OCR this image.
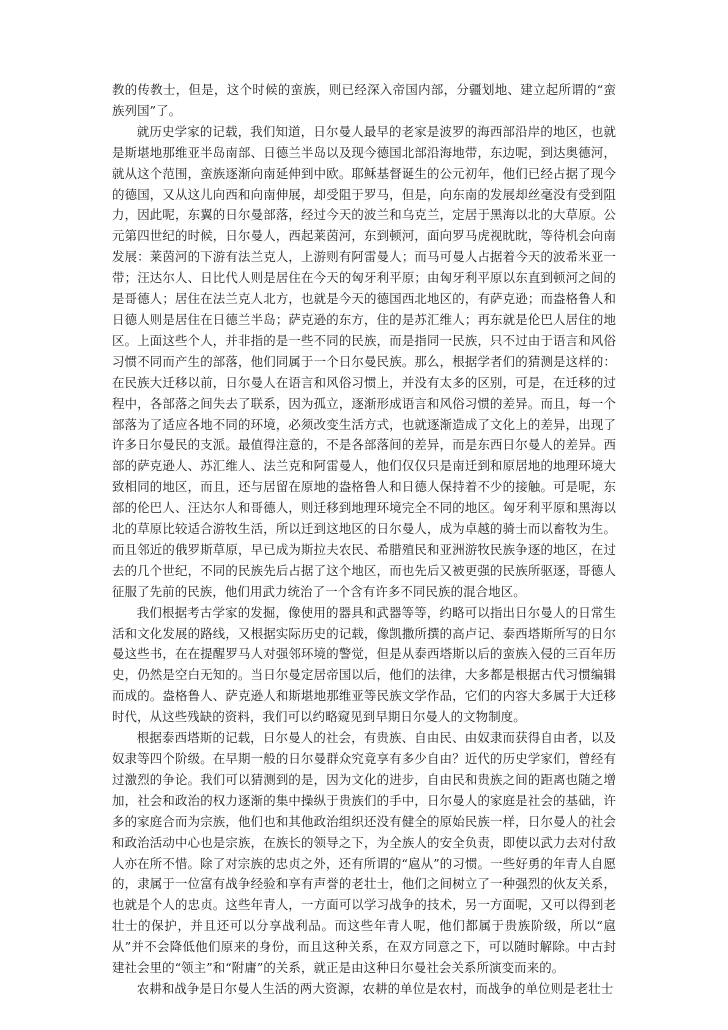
教的传教士，但是，这个时候的蛮族，则已经深入帝国内部，分疆划地、建立起所谓的“蛮族列国”了。

就历史学家的记载，我们知道，日尔曼人最早的老家是波罗的海西部沿岸的地区，也就是斯堪地那维亚半岛南部、日德兰半岛以及现今德国北部沿海地带，东边呢，到达奥德河，就从这个范围，蛮族逐渐向南延伸到中欧。耶稣基督诞生的公元初年，他们已经占据了现今的德国，又从这儿向西和向南伸展，却受阻于罗马，但是，向东南的发展却丝毫没有受到阻力，因此呢，东翼的日尔曼部落，经过今天的波兰和乌克兰，定居于黑海以北的大草原。公元第四世纪的时候，日尔曼人，西起莱茵河，东到顿河，面向罗马虎视眈眈，等待机会向南发展：莱茵河的下游有法兰克人，上游则有阿雷曼人；而马可曼人占据着今天的波希米亚一带；汪达尔人、日比代人则是居住在今天的匈牙利平原；由匈牙利平原以东直到顿河之间的是哥德人；居住在法兰克人北方，也就是今天的德国西北地区的，有萨克逊；而盎格鲁人和日德人则是居住在日德兰半岛；萨克逊的东方，住的是苏汇维人；再东就是伦巴人居住的地区。上面这些个人，并非指的是一些不同的民族，而是指同一民族，只不过由于语言和风俗习惯不同而产生的部落，他们同属于一个日尔曼民族。那么，根据学者们的猜测是这样的：在民族大迁移以前，日尔曼人在语言和风俗习惯上，并没有太多的区别，可是，在迁移的过程中，各部落之间失去了联系，因为孤立，逐渐形成语言和风俗习惯的差异。而且，每一个部落为了适应各地不同的环境，必须改变生活方式，也就逐渐造成了文化上的差异，出现了许多日尔曼民的支派。最值得注意的，不是各部落间的差异，而是东西日尔曼人的差异。西部的萨克逊人、苏汇维人、法兰克和阿雷曼人，他们仅仅只是南迁到和原居地的地理环境大致相同的地区，而且，还与居留在原地的盎格鲁人和日德人保持着不少的接触。可是呢，东部的伦巴人、汪达尔人和哥德人，则迁移到地理环境完全不同的地区。匈牙利平原和黑海以北的草原比较适合游牧生活，所以迁到这地区的日尔曼人，成为卓越的骑士而以畜牧为生。而且邻近的俄罗斯草原，早已成为斯拉夫农民、希腊殖民和亚洲游牧民族争逐的地区，在过去的几个世纪，不同的民族先后占据了这个地区，而也先后又被更强的民族所驱逐，哥德人征服了先前的民族，他们用武力统治了一个含有许多不同民族的混合地区。

我们根据考古学家的发掘，像使用的器具和武器等等，约略可以指出日尔曼人的日常生活和文化发展的路线，又根据实际历史的记载，像凯撒所撰的高卢记、泰西塔斯所写的日尔曼这些书，在在提醒罗马人对强邻环境的警觉，但是从泰西塔斯以后的蛮族入侵的三百年历史，仍然是空白无知的。当日尔曼定居帝国以后，他们的法律，大多都是根据古代习惯编辑而成的。盎格鲁人、萨克逊人和斯堪地那维亚等民族文学作品，它们的内容大多属于大迁移时代，从这些残缺的资料，我们可以约略窥见到早期日尔曼人的文物制度。

根据泰西塔斯的记载，日尔曼人的社会，有贵族、自由民、由奴隶而获得自由者，以及奴隶等四个阶级。在早期一般的日尔曼群众究竟享有多少自由？近代的历史学家们，曾经有过激烈的争论。我们可以猜测到的是，因为文化的进步，自由民和贵族之间的距离也随之增加，社会和政治的权力逐渐的集中操纵于贵族们的手中，日尔曼人的家庭是社会的基础，许多的家庭合而为宗族，他们也和其他政治组织还没有健全的原始民族一样，日尔曼人的社会和政治活动中心也是宗族，在族长的领导之下，为全族人的安全负责，即使以武力去对付敌人亦在所不惜。除了对宗族的忠贞之外，还有所谓的“扈从”的习惯。一些好勇的年青人自愿的，隶属于一位富有战争经验和享有声誉的老壮士，他们之间树立了一种强烈的伙友关系，也就是个人的忠贞。这些年青人，一方面可以学习战争的技术，另一方面呢，又可以得到老壮士的保护，并且还可以分享战利品。而这些年青人呢，他们都属于贵族阶级，所以“扈从”并不会降低他们原来的身份，而且这种关系，在双方同意之下，可以随时解除。中古封建社会里的“领主”和“附庸”的关系，就正是由这种日尔曼社会关系所演变而来的。

农耕和战争是日尔曼人生活的两大资源，农耕的单位是农村，而战争的单位则是老壮士
